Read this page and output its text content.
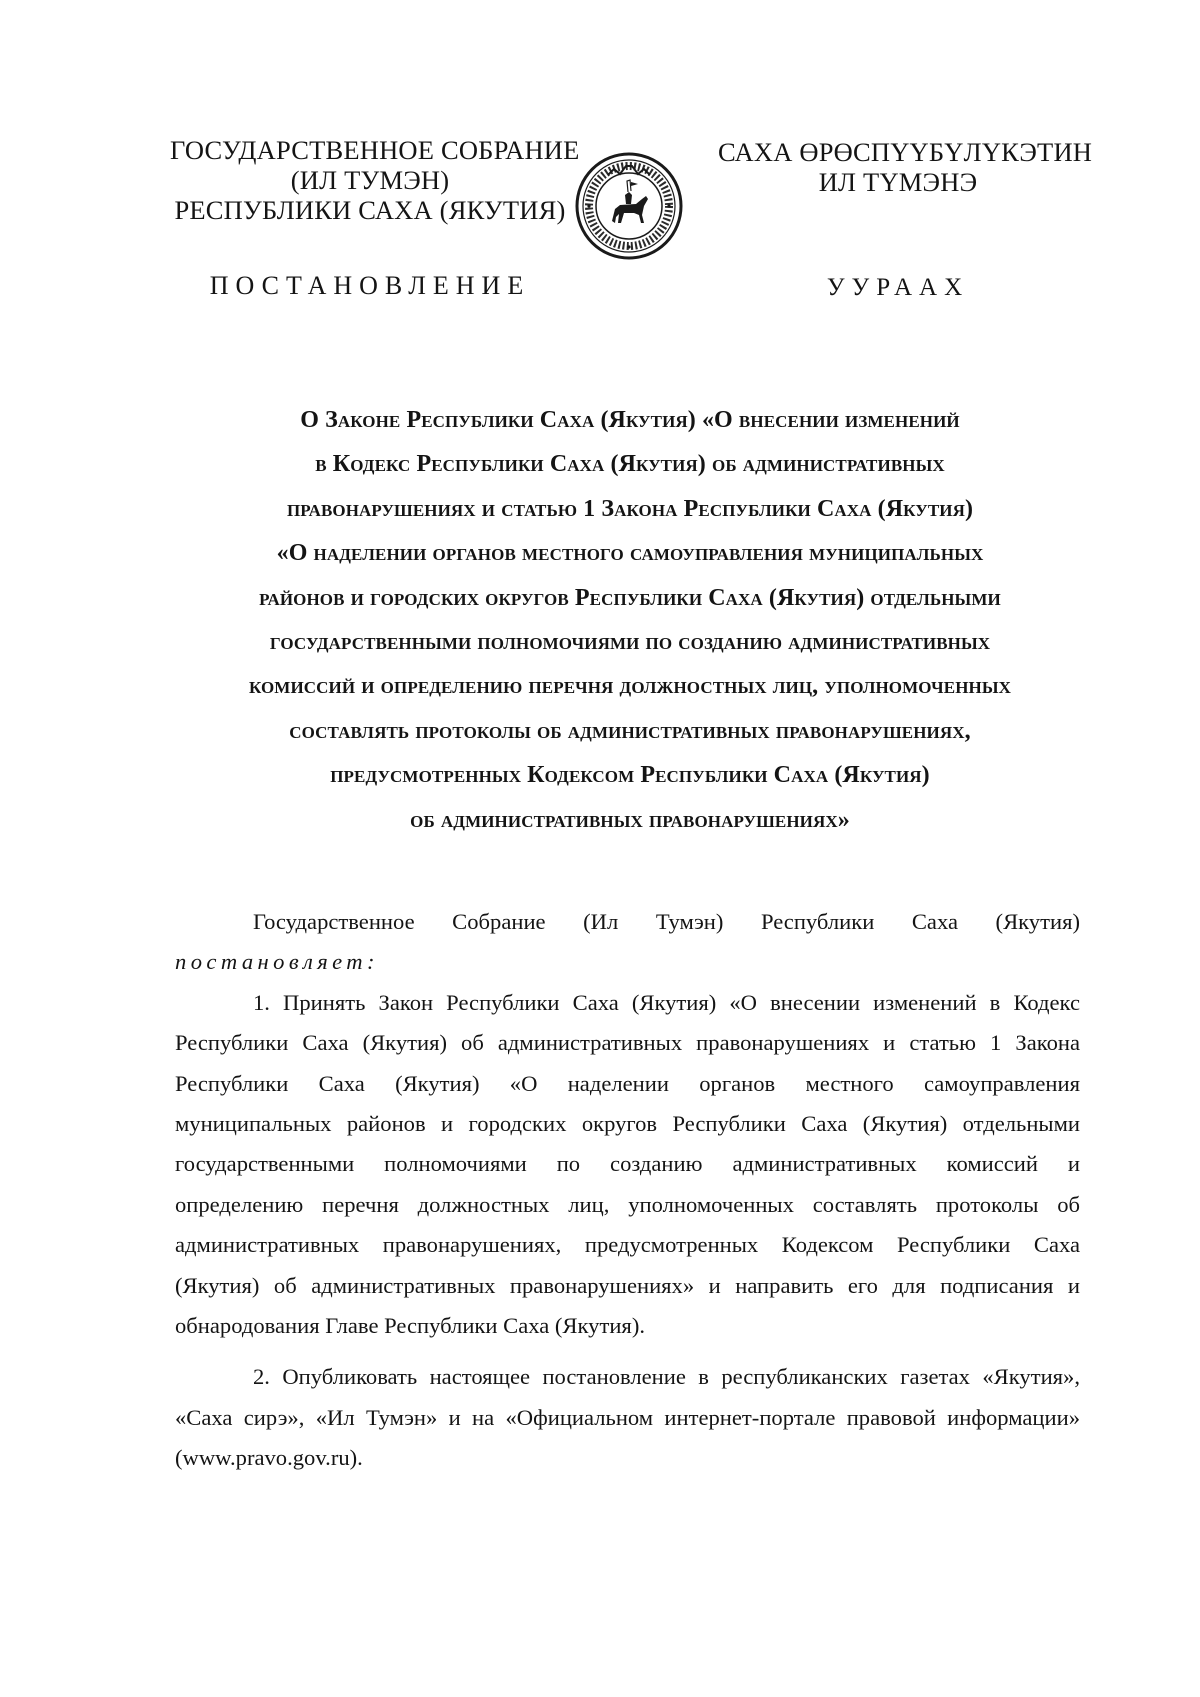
ГОСУДАРСТВЕННОЕ СОБРАНИЕ
(ИЛ ТУМЭН)
РЕСПУБЛИКИ САХА (ЯКУТИЯ)
САХА ӨРӨСПҮҮБҮЛҮКЭТИН
ИЛ ТҮМЭНЭ
ПОСТАНОВЛЕНИЕ	УУРААХ
О Законе Республики Саха (Якутия) «О внесении изменений
в Кодекс Республики Саха (Якутия) об административных
правонарушениях и статью 1 Закона Республики Саха (Якутия)
«О наделении органов местного самоуправления муниципальных
районов и городских округов Республики Саха (Якутия) отдельными
государственными полномочиями по созданию административных
комиссий и определению перечня должностных лиц, уполномоченных
составлять протоколы об административных правонарушениях,
предусмотренных Кодексом Республики Саха (Якутия)
об административных правонарушениях»
Государственное Собрание (Ил Тумэн) Республики Саха (Якутия)
постановляет:
1. Принять Закон Республики Саха (Якутия) «О внесении изменений в Кодекс
Республики Саха (Якутия) об административных правонарушениях и статью 1 Закона
Республики Саха (Якутия) «О наделении органов местного самоуправления
муниципальных районов и городских округов Республики Саха (Якутия) отдельными
государственными полномочиями по созданию административных комиссий и
определению перечня должностных лиц, уполномоченных составлять протоколы об
административных правонарушениях, предусмотренных Кодексом Республики Саха
(Якутия) об административных правонарушениях» и направить его для подписания и
обнародования Главе Республики Саха (Якутия).
2. Опубликовать настоящее постановление в республиканских газетах «Якутия»,
«Саха сирэ», «Ил Тумэн» и на «Официальном интернет-портале правовой информации»
(www.pravo.gov.ru).
